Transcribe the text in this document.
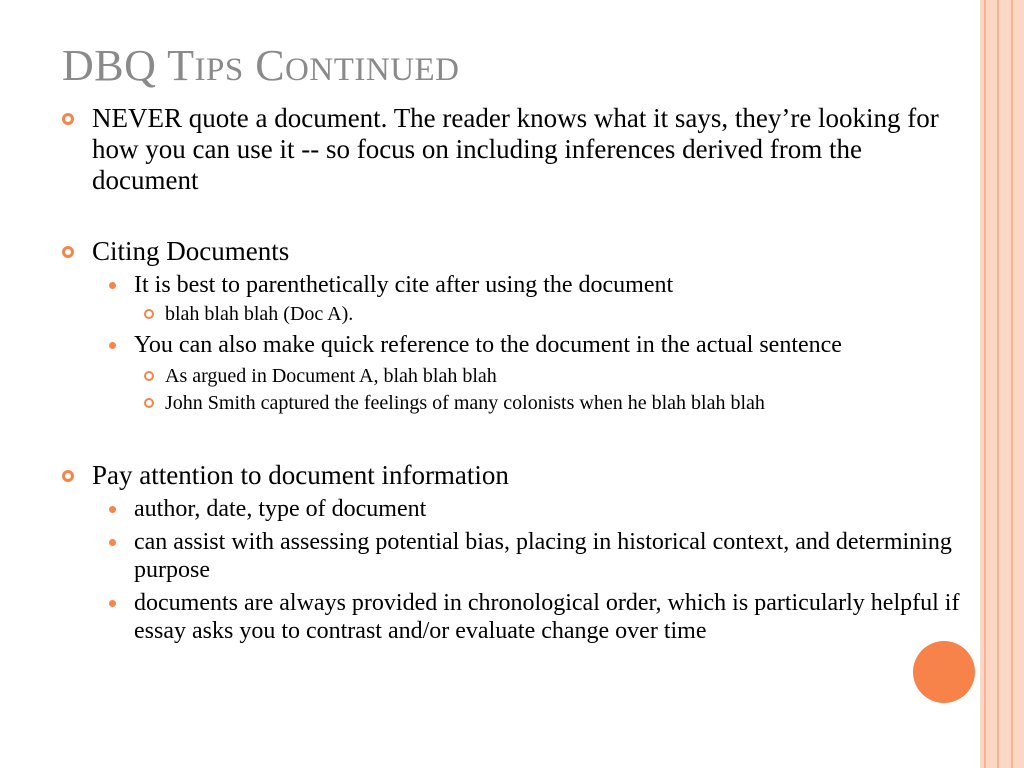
DBQ TIPS CONTINUED

NEVER quote a document. The reader knows what it says, they’re looking for how you can use it -- so focus on including inferences derived from the document

Citing Documents

It is best to parenthetically cite after using the document

blah blah blah (Doc A).

You can also make quick reference to the document in the actual sentence

As argued in Document A, blah blah blah

John Smith captured the feelings of many colonists when he blah blah blah

Pay attention to document information

author, date, type of document

can assist with assessing potential bias, placing in historical context, and determining purpose

documents are always provided in chronological order, which is particularly helpful if essay asks you to contrast and/or evaluate change over time
